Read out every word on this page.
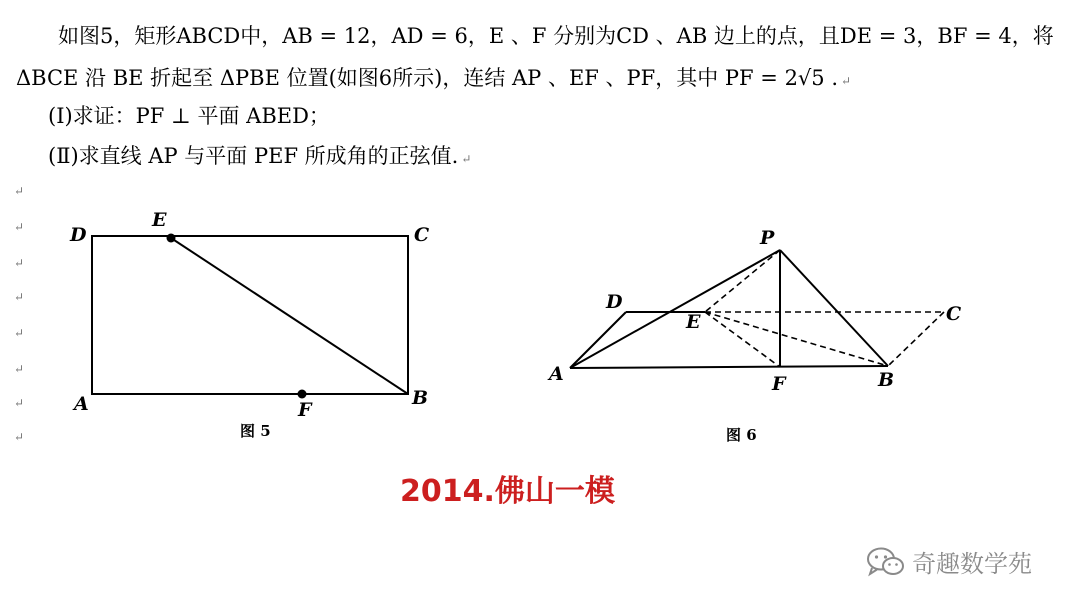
如图5，矩形ABCD中，AB = 12，AD = 6，E 、F 分别为CD 、AB 边上的点，且DE = 3，BF = 4，将
ΔBCE 沿 BE 折起至 ΔPBE 位置(如图6所示)，连结 AP 、EF 、PF，其中 PF = 2√5 . ↵
(Ⅰ)求证：PF ⊥ 平面 ABED；
(Ⅱ)求直线 AP 与平面 PEF 所成角的正弦值. ↵
↵
↵
↵
↵
↵
↵
↵
↵
D
E
C
A	F
B
图 5
P
D
E	C
A	F	B
图 6
2014.佛山一模
奇趣数学苑
